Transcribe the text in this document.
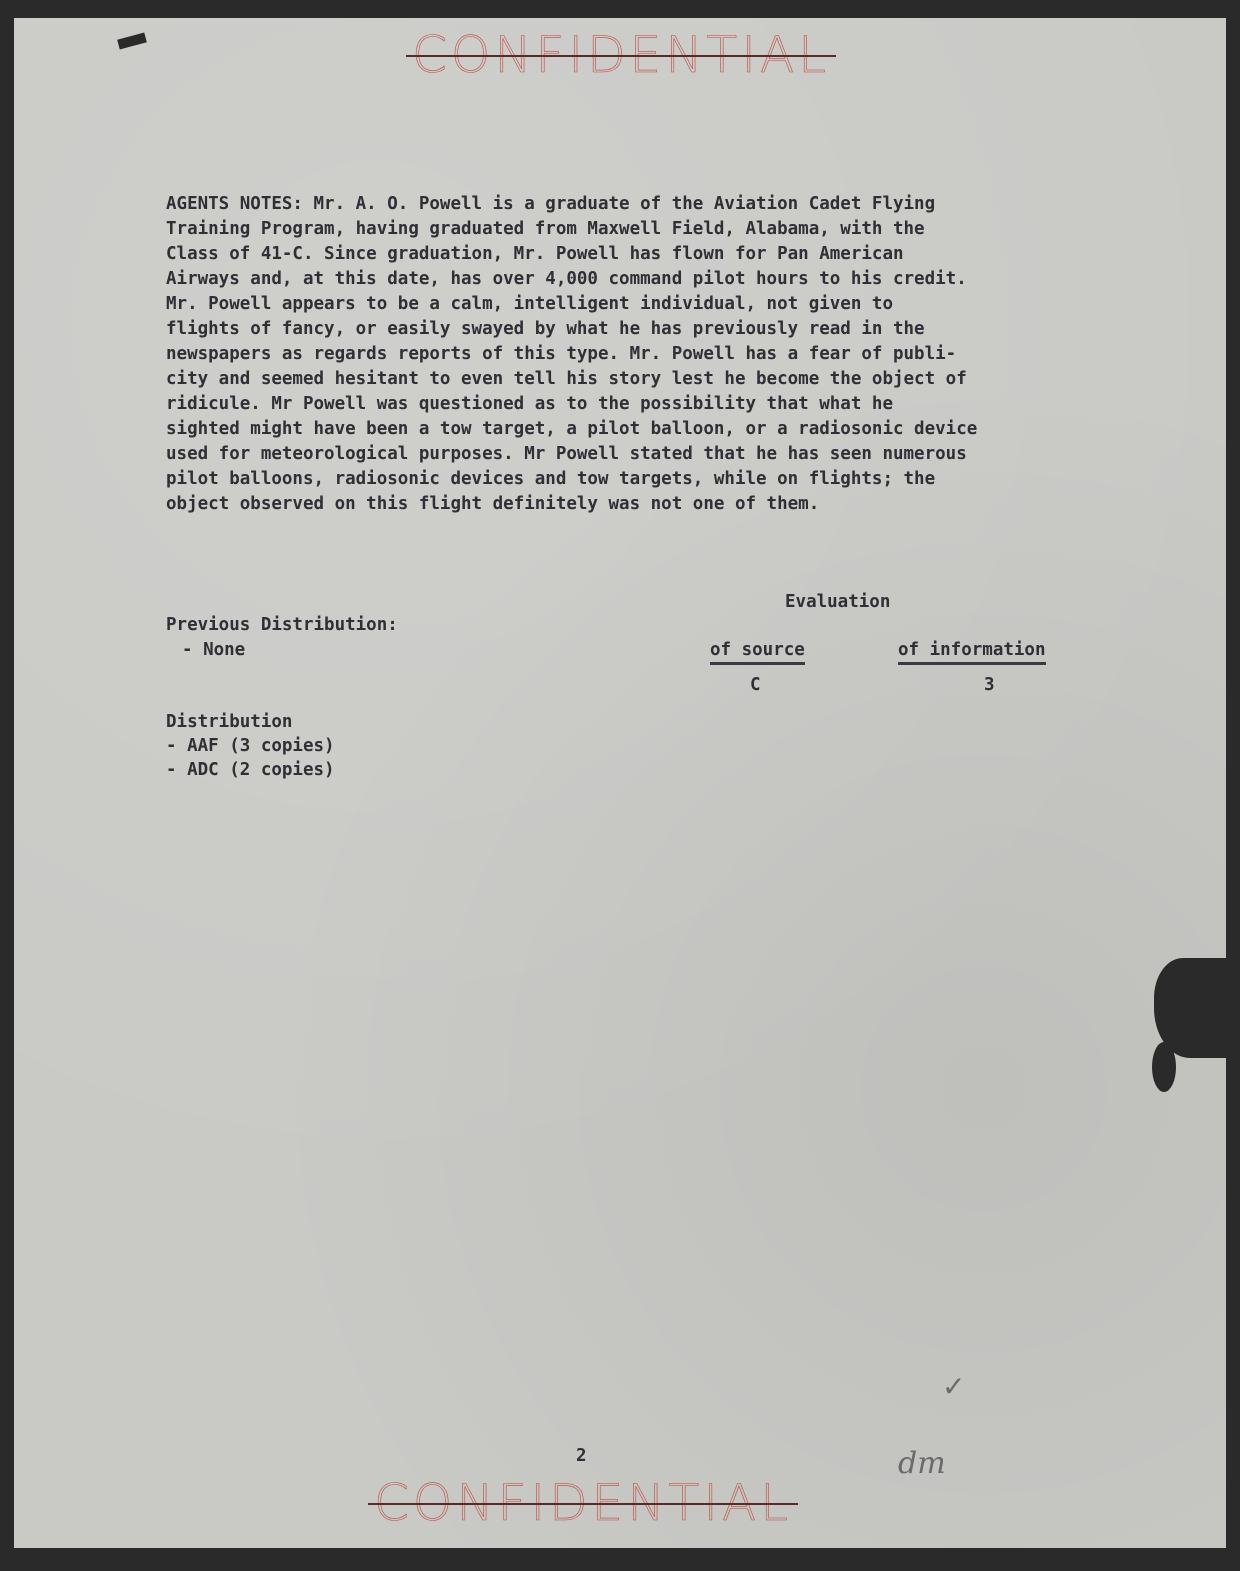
CONFIDENTIAL
AGENTS NOTES: Mr. A. O. Powell is a graduate of the Aviation Cadet Flying
Training Program, having graduated from Maxwell Field, Alabama, with the
Class of 41-C. Since graduation, Mr. Powell has flown for Pan American
Airways and, at this date, has over 4,000 command pilot hours to his credit.
Mr. Powell appears to be a calm, intelligent individual, not given to
flights of fancy, or easily swayed by what he has previously read in the
newspapers as regards reports of this type. Mr. Powell has a fear of publi-
city and seemed hesitant to even tell his story lest he become the object of
ridicule. Mr Powell was questioned as to the possibility that what he
sighted might have been a tow target, a pilot balloon, or a radiosonic device
used for meteorological purposes. Mr Powell stated that he has seen numerous
pilot balloons, radiosonic devices and tow targets, while on flights; the
object observed on this flight definitely was not one of them.
Evaluation
Previous Distribution:
- None	of source	of information
C	3
Distribution
- AAF (3 copies)
- ADC (2 copies)
✓
dm
2
CONFIDENTIAL
